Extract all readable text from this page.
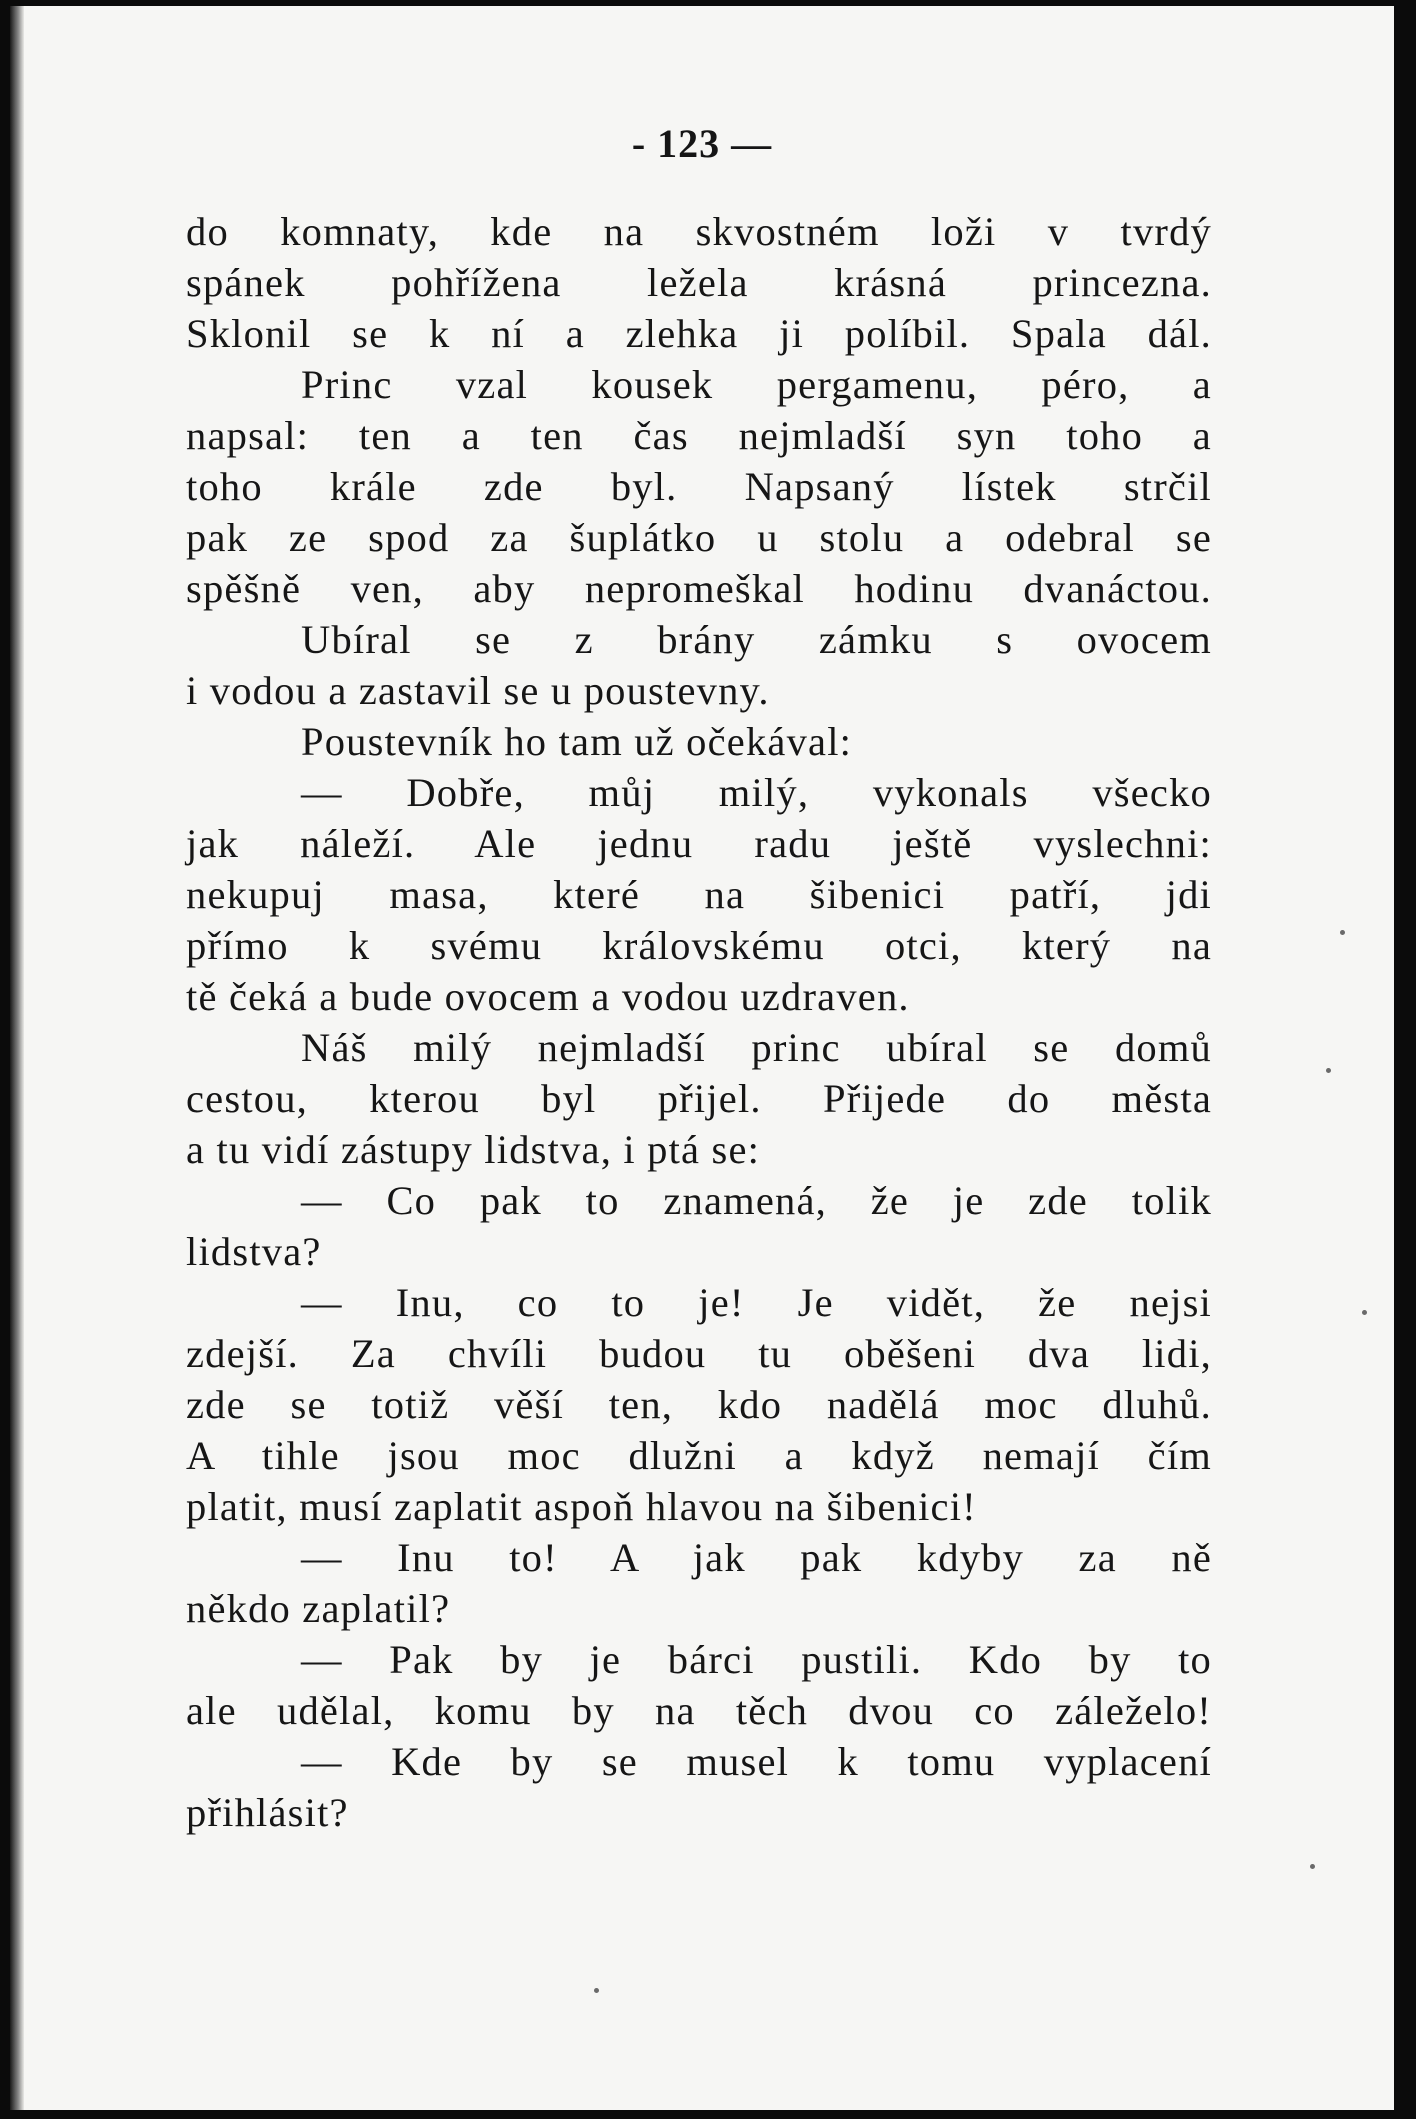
- 123 —
do komnaty, kde na skvostném loži v tvrdý
spánek pohřížena ležela krásná princezna.
Sklonil se k ní a zlehka ji políbil. Spala dál.
Princ vzal kousek pergamenu, péro, a
napsal: ten a ten čas nejmladší syn toho a
toho krále zde byl. Napsaný lístek strčil
pak ze spod za šuplátko u stolu a odebral se
spěšně ven, aby nepromeškal hodinu dvanáctou.
Ubíral se z brány zámku s ovocem
i vodou a zastavil se u poustevny.
Poustevník ho tam už očekával:
— Dobře, můj milý, vykonals všecko
jak náleží. Ale jednu radu ještě vyslechni:
nekupuj masa, které na šibenici patří, jdi
přímo k svému královskému otci, který na
tě čeká a bude ovocem a vodou uzdraven.
Náš milý nejmladší princ ubíral se domů
cestou, kterou byl přijel. Přijede do města
a tu vidí zástupy lidstva, i ptá se:
— Co pak to znamená, že je zde tolik
lidstva?
— Inu, co to je! Je vidět, že nejsi
zdejší. Za chvíli budou tu oběšeni dva lidi,
zde se totiž věší ten, kdo nadělá moc dluhů.
A tihle jsou moc dlužni a když nemají čím
platit, musí zaplatit aspoň hlavou na šibenici!
— Inu to! A jak pak kdyby za ně
někdo zaplatil?
— Pak by je bárci pustili. Kdo by to
ale udělal, komu by na těch dvou co záleželo!
— Kde by se musel k tomu vyplacení
přihlásit?
